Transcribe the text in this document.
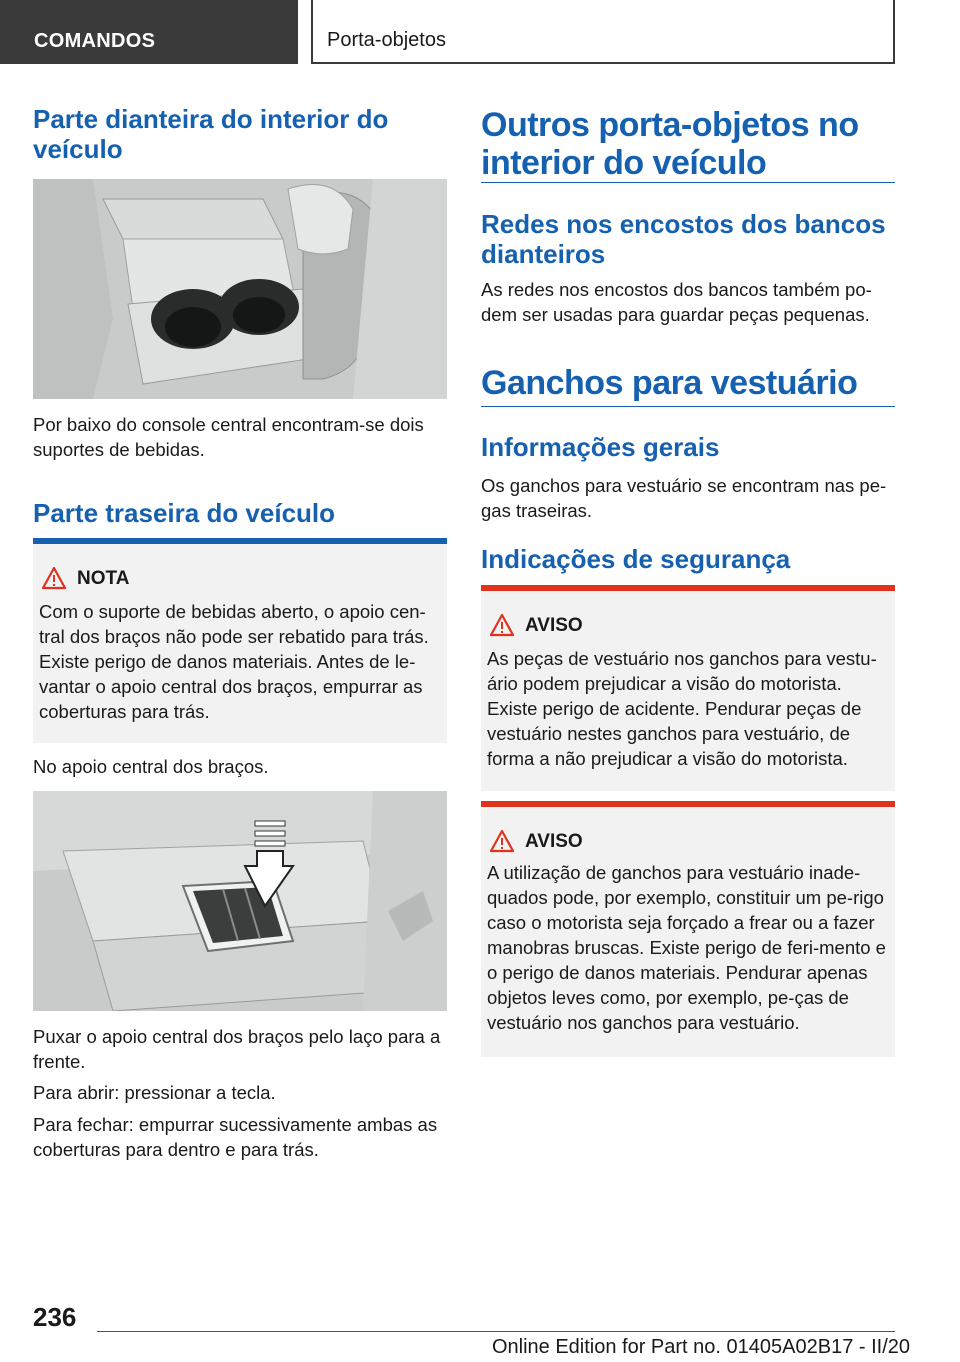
COMANDOS	Porta-objetos
Parte dianteira do interior do veículo
Por baixo do console central encontram-se dois suportes de bebidas.
Parte traseira do veículo
NOTA
Com o suporte de bebidas aberto, o apoio cen-tral dos braços não pode ser rebatido para trás. Existe perigo de danos materiais. Antes de le-vantar o apoio central dos braços, empurrar as coberturas para trás.
No apoio central dos braços.
Puxar o apoio central dos braços pelo laço para a frente.
Para abrir: pressionar a tecla.
Para fechar: empurrar sucessivamente ambas as coberturas para dentro e para trás.
Outros porta-objetos no interior do veículo
Redes nos encostos dos bancos dianteiros
As redes nos encostos dos bancos também po-dem ser usadas para guardar peças pequenas.
Ganchos para vestuário
Informações gerais
Os ganchos para vestuário se encontram nas pe-gas traseiras.
Indicações de segurança
AVISO
As peças de vestuário nos ganchos para vestu-ário podem prejudicar a visão do motorista. Existe perigo de acidente. Pendurar peças de vestuário nestes ganchos para vestuário, de forma a não prejudicar a visão do motorista.
AVISO
A utilização de ganchos para vestuário inade-quados pode, por exemplo, constituir um pe-rigo caso o motorista seja forçado a frear ou a fazer manobras bruscas. Existe perigo de feri-mento e o perigo de danos materiais. Pendurar apenas objetos leves como, por exemplo, pe-ças de vestuário nos ganchos para vestuário.
236
Online Edition for Part no. 01405A02B17 - II/20
